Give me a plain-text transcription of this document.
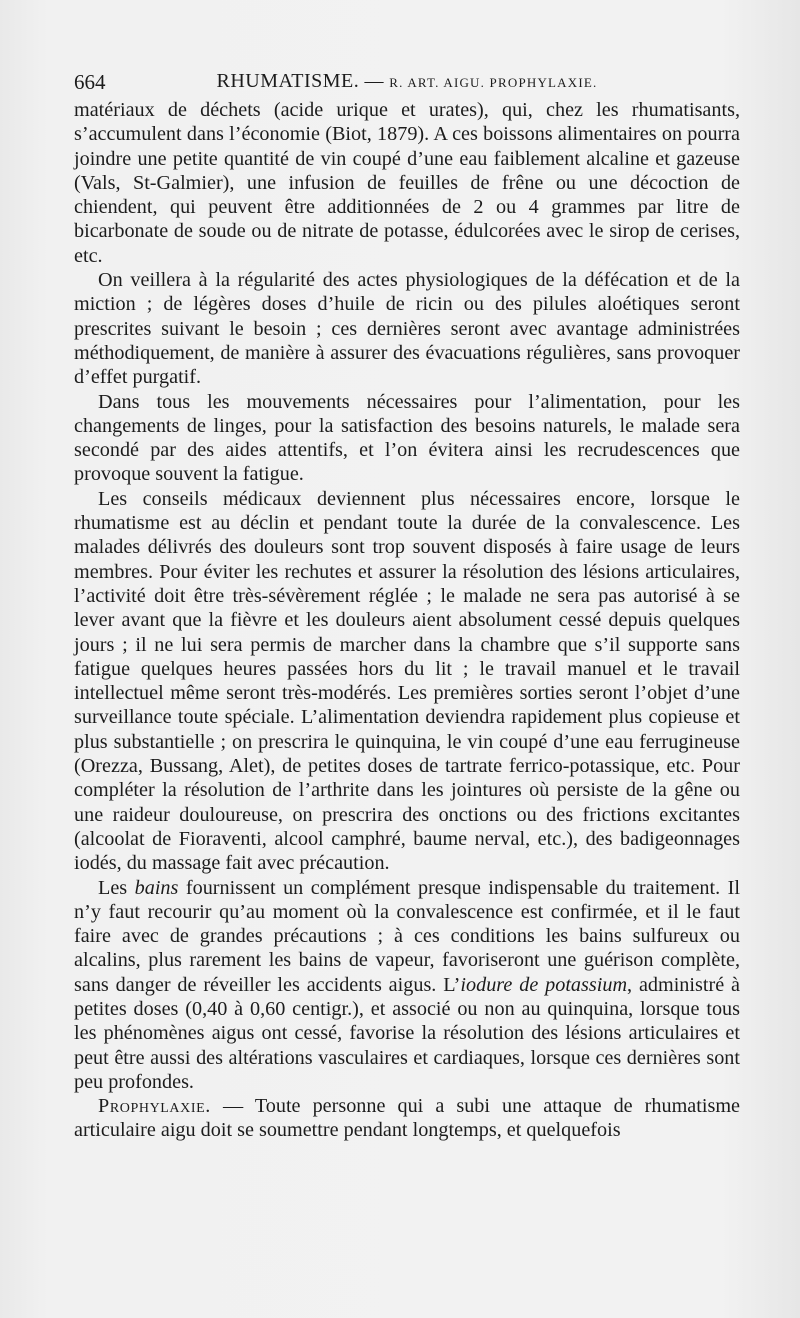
664	RHUMATISME. — R. ART. AIGU. PROPHYLAXIE.

matériaux de déchets (acide urique et urates), qui, chez les rhumatisants, s’accumulent dans l’économie (Biot, 1879). A ces boissons alimentaires on pourra joindre une petite quantité de vin coupé d’une eau faiblement alcaline et gazeuse (Vals, St-Galmier), une infusion de feuilles de frêne ou une décoction de chiendent, qui peuvent être additionnées de 2 ou 4 grammes par litre de bicarbonate de soude ou de nitrate de potasse, édulcorées avec le sirop de cerises, etc.

On veillera à la régularité des actes physiologiques de la défécation et de la miction ; de légères doses d’huile de ricin ou des pilules aloétiques seront prescrites suivant le besoin ; ces dernières seront avec avantage administrées méthodiquement, de manière à assurer des évacuations régulières, sans provoquer d’effet purgatif.

Dans tous les mouvements nécessaires pour l’alimentation, pour les changements de linges, pour la satisfaction des besoins naturels, le malade sera secondé par des aides attentifs, et l’on évitera ainsi les recrudescences que provoque souvent la fatigue.

Les conseils médicaux deviennent plus nécessaires encore, lorsque le rhumatisme est au déclin et pendant toute la durée de la convalescence. Les malades délivrés des douleurs sont trop souvent disposés à faire usage de leurs membres. Pour éviter les rechutes et assurer la résolution des lésions articulaires, l’activité doit être très-sévèrement réglée ; le malade ne sera pas autorisé à se lever avant que la fièvre et les douleurs aient absolument cessé depuis quelques jours ; il ne lui sera permis de marcher dans la chambre que s’il supporte sans fatigue quelques heures passées hors du lit ; le travail manuel et le travail intellectuel même seront très-modérés. Les premières sorties seront l’objet d’une surveillance toute spéciale. L’alimentation deviendra rapidement plus copieuse et plus substantielle ; on prescrira le quinquina, le vin coupé d’une eau ferrugineuse (Orezza, Bussang, Alet), de petites doses de tartrate ferrico-potassique, etc. Pour compléter la résolution de l’arthrite dans les jointures où persiste de la gêne ou une raideur douloureuse, on prescrira des onctions ou des frictions excitantes (alcoolat de Fioraventi, alcool camphré, baume nerval, etc.), des badigeonnages iodés, du massage fait avec précaution.

Les bains fournissent un complément presque indispensable du traitement. Il n’y faut recourir qu’au moment où la convalescence est confirmée, et il le faut faire avec de grandes précautions ; à ces conditions les bains sulfureux ou alcalins, plus rarement les bains de vapeur, favoriseront une guérison complète, sans danger de réveiller les accidents aigus. L’iodure de potassium, administré à petites doses (0,40 à 0,60 centigr.), et associé ou non au quinquina, lorsque tous les phénomènes aigus ont cessé, favorise la résolution des lésions articulaires et peut être aussi des altérations vasculaires et cardiaques, lorsque ces dernières sont peu profondes.

Prophylaxie. — Toute personne qui a subi une attaque de rhumatisme articulaire aigu doit se soumettre pendant longtemps, et quelquefois
